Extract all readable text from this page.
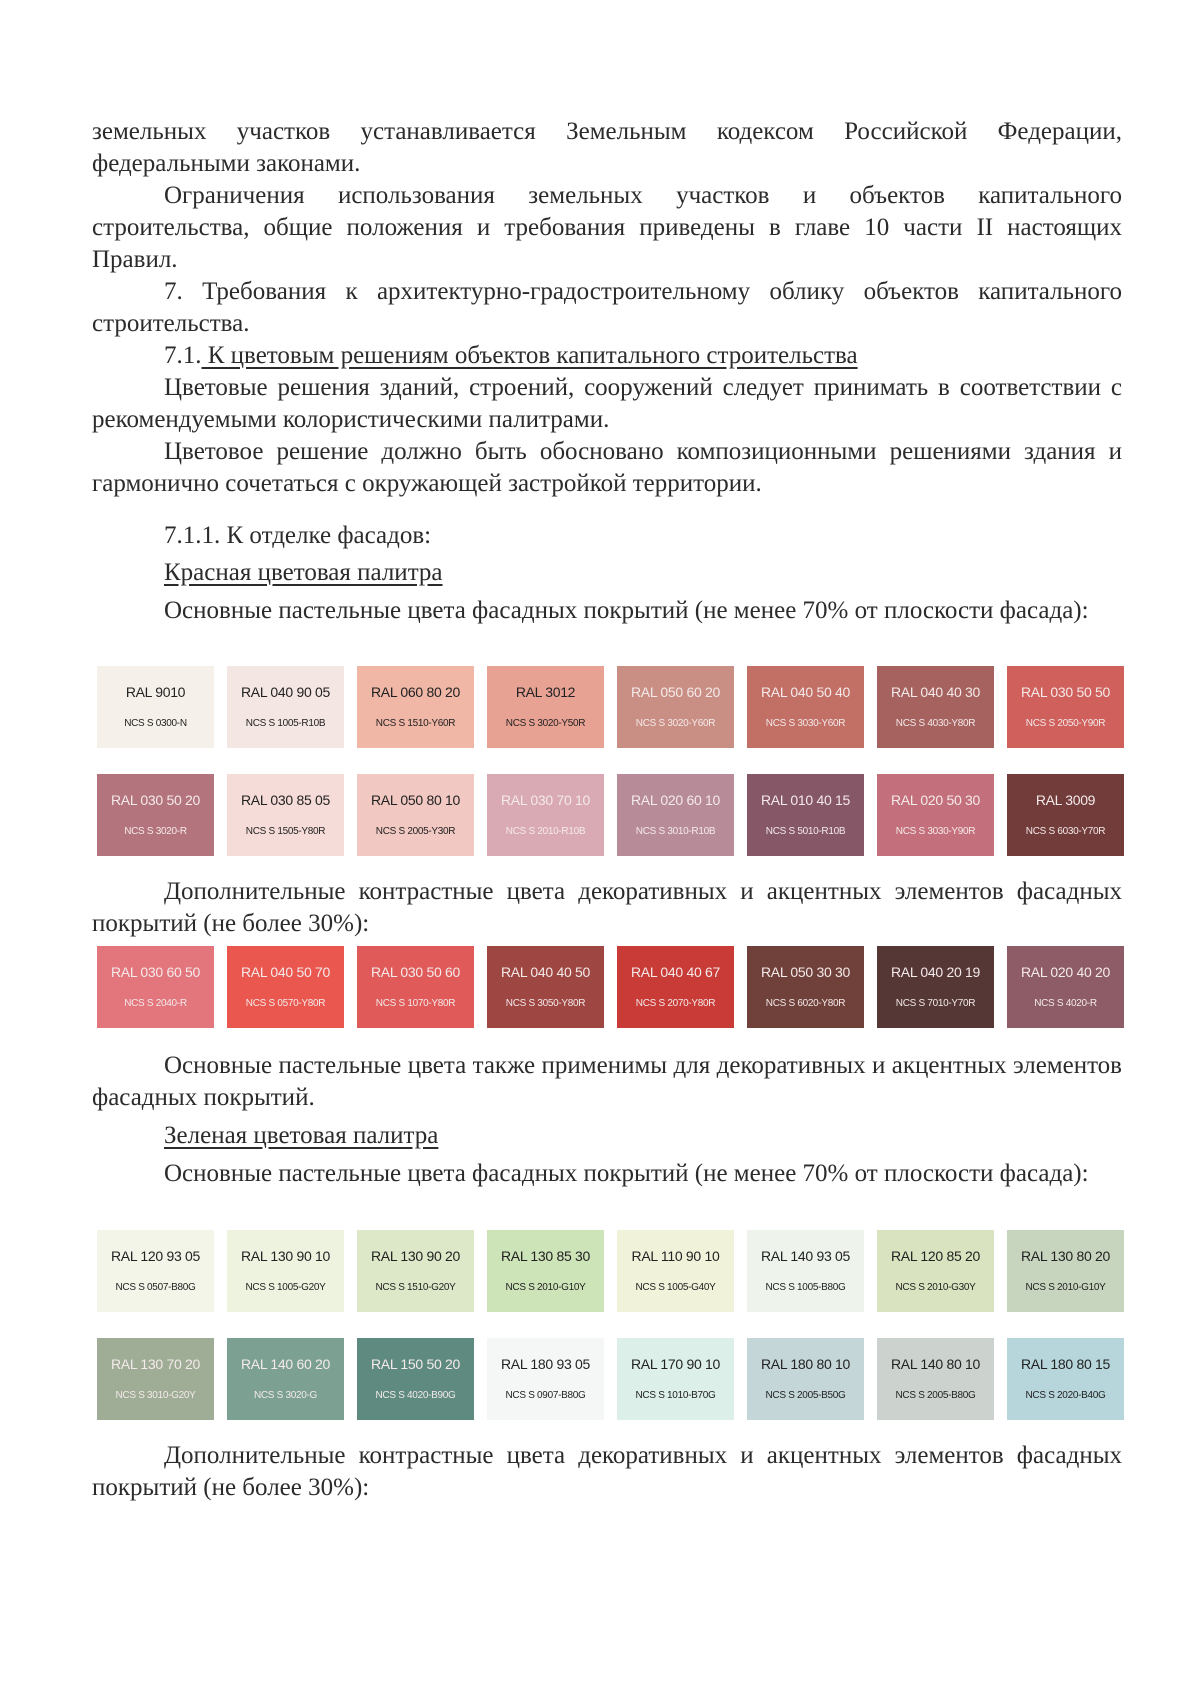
земельных участков устанавливается Земельным кодексом Российской Федерации, федеральными законами.

Ограничения использования земельных участков и объектов капитального строительства, общие положения и требования приведены в главе 10 части II настоящих Правил.

7. Требования к архитектурно-градостроительному облику объектов капитального строительства.

7.1. К цветовым решениям объектов капитального строительства

Цветовые решения зданий, строений, сооружений следует принимать в соответствии с рекомендуемыми колористическими палитрами.

Цветовое решение должно быть обосновано композиционными решениями здания и гармонично сочетаться с окружающей застройкой территории.

7.1.1. К отделке фасадов:

Красная цветовая палитра

Основные пастельные цвета фасадных покрытий (не менее 70% от плоскости фасада):

RAL 9010
NCS S 0300-N
RAL 040 90 05
NCS S 1005-R10B
RAL 060 80 20
NCS S 1510-Y60R
RAL 3012
NCS S 3020-Y50R
RAL 050 60 20
NCS S 3020-Y60R
RAL 040 50 40
NCS S 3030-Y60R
RAL 040 40 30
NCS S 4030-Y80R
RAL 030 50 50
NCS S 2050-Y90R
RAL 030 50 20
NCS S 3020-R
RAL 030 85 05
NCS S 1505-Y80R
RAL 050 80 10
NCS S 2005-Y30R
RAL 030 70 10
NCS S 2010-R10B
RAL 020 60 10
NCS S 3010-R10B
RAL 010 40 15
NCS S 5010-R10B
RAL 020 50 30
NCS S 3030-Y90R
RAL 3009
NCS S 6030-Y70R

Дополнительные контрастные цвета декоративных и акцентных элементов фасадных покрытий (не более 30%):

RAL 030 60 50
NCS S 2040-R
RAL 040 50 70
NCS S 0570-Y80R
RAL 030 50 60
NCS S 1070-Y80R
RAL 040 40 50
NCS S 3050-Y80R
RAL 040 40 67
NCS S 2070-Y80R
RAL 050 30 30
NCS S 6020-Y80R
RAL 040 20 19
NCS S 7010-Y70R
RAL 020 40 20
NCS S 4020-R

Основные пастельные цвета также применимы для декоративных и акцентных элементов фасадных покрытий.

Зеленая цветовая палитра

Основные пастельные цвета фасадных покрытий (не менее 70% от плоскости фасада):

RAL 120 93 05
NCS S 0507-B80G
RAL 130 90 10
NCS S 1005-G20Y
RAL 130 90 20
NCS S 1510-G20Y
RAL 130 85 30
NCS S 2010-G10Y
RAL 110 90 10
NCS S 1005-G40Y
RAL 140 93 05
NCS S 1005-B80G
RAL 120 85 20
NCS S 2010-G30Y
RAL 130 80 20
NCS S 2010-G10Y
RAL 130 70 20
NCS S 3010-G20Y
RAL 140 60 20
NCS S 3020-G
RAL 150 50 20
NCS S 4020-B90G
RAL 180 93 05
NCS S 0907-B80G
RAL 170 90 10
NCS S 1010-B70G
RAL 180 80 10
NCS S 2005-B50G
RAL 140 80 10
NCS S 2005-B80G
RAL 180 80 15
NCS S 2020-B40G

Дополнительные контрастные цвета декоративных и акцентных элементов фасадных покрытий (не более 30%):
